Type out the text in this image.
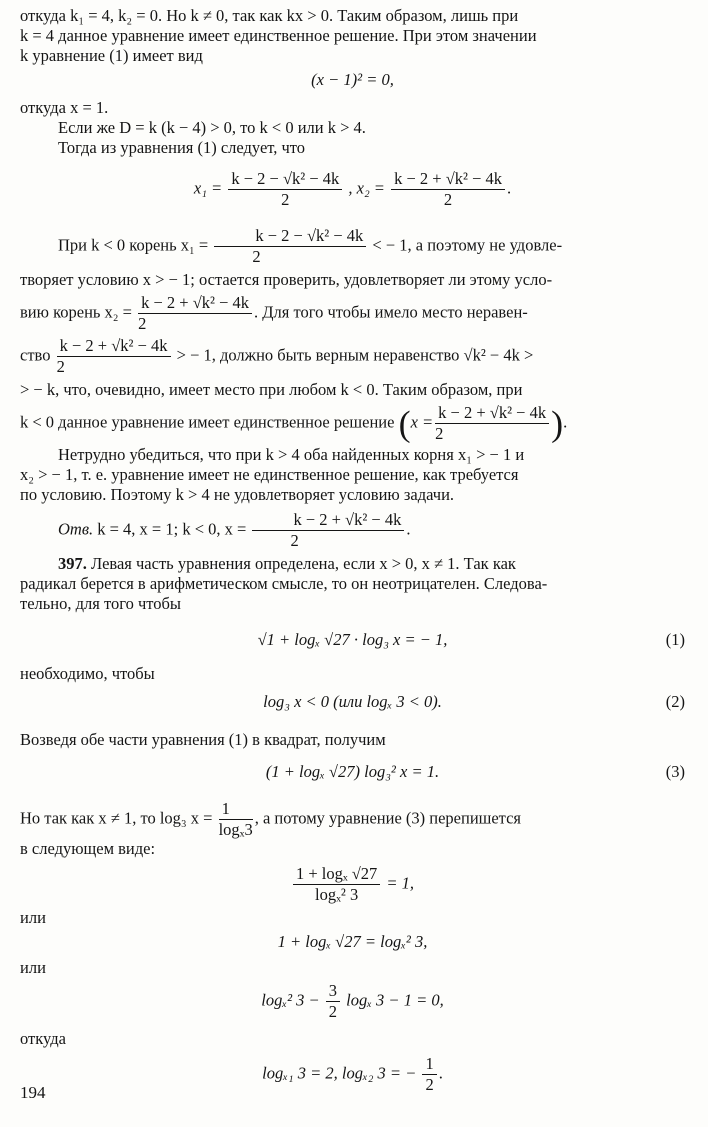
откуда k₁ = 4, k₂ = 0. Но k ≠ 0, так как kx > 0. Таким образом, лишь при

k = 4 данное уравнение имеет единственное решение. При этом значении

k уравнение (1) имеет вид

(x − 1)² = 0,

откуда x = 1.

Если же D = k (k − 4) > 0, то k < 0 или k > 4.

Тогда из уравнения (1) следует, что

$x_1 = \frac{\text{k − 2 − √k² − 4k}}{2}$ , $x_2 = \frac{\text{k − 2 + √k² − 4k}}{2}$ .

При k < 0 корень $x_1 = \frac{\text{k − 2 − √k² − 4k}}{2}$ < − 1, а поэтому не удовле-

творяет условию x > − 1; остается проверить, удовлетворяет ли этому усло-

вию корень $x_2 = \frac{\text{k − 2 + √k² − 4k}}{2}$ . Для того чтобы имело место неравен-

ство $\frac{\text{k − 2 + √k² − 4k}}{2}$ > − 1, должно быть верным неравенство √k² − 4k >

> − k, что, очевидно, имеет место при любом k < 0. Таким образом, при

k < 0 данное уравнение имеет единственное решение ($x = \frac{\text{k − 2 + √k² − 4k}}{2}$ ).

Нетрудно убедиться, что при k > 4 оба найденных корня x₁ > − 1 и

x₂ > − 1, т. е. уравнение имеет не единственное решение, как требуется

по условию. Поэтому k > 4 не удовлетворяет условию задачи.

Отв. k = 4, x = 1; k < 0, $x = \frac{\text{k − 2 + √k² − 4k}}{2}$ .

397. Левая часть уравнения определена, если x > 0, x ≠ 1. Так как

радикал берется в арифметическом смысле, то он неотрицателен. Следова-

тельно, для того чтобы

√1 + logₓ √27 · log₃ x = − 1,	(1)

необходимо, чтобы

log₃ x < 0 (или logₓ 3 < 0).	(2)

Возведя обе части уравнения (1) в квадрат, получим

(1 + logₓ √27) log₃² x = 1.	(3)

Но так как x ≠ 1, то log₃ $x = \frac{1}{\text{logₓ3}}$ , а потому уравнение (3) перепишется

в следующем виде:

$\frac{\text{1 + logₓ √27}}{\text{logₓ² 3}} = 1$,

или

1 + logₓ √27 = logₓ² 3,

или

logₓ² $3 - \frac{3}{2}$ logₓ 3 − 1 = 0,

откуда

logₓ₁ 3 = 2, logₓ₂ 3 = − $\frac{1}{2}$ .

194
